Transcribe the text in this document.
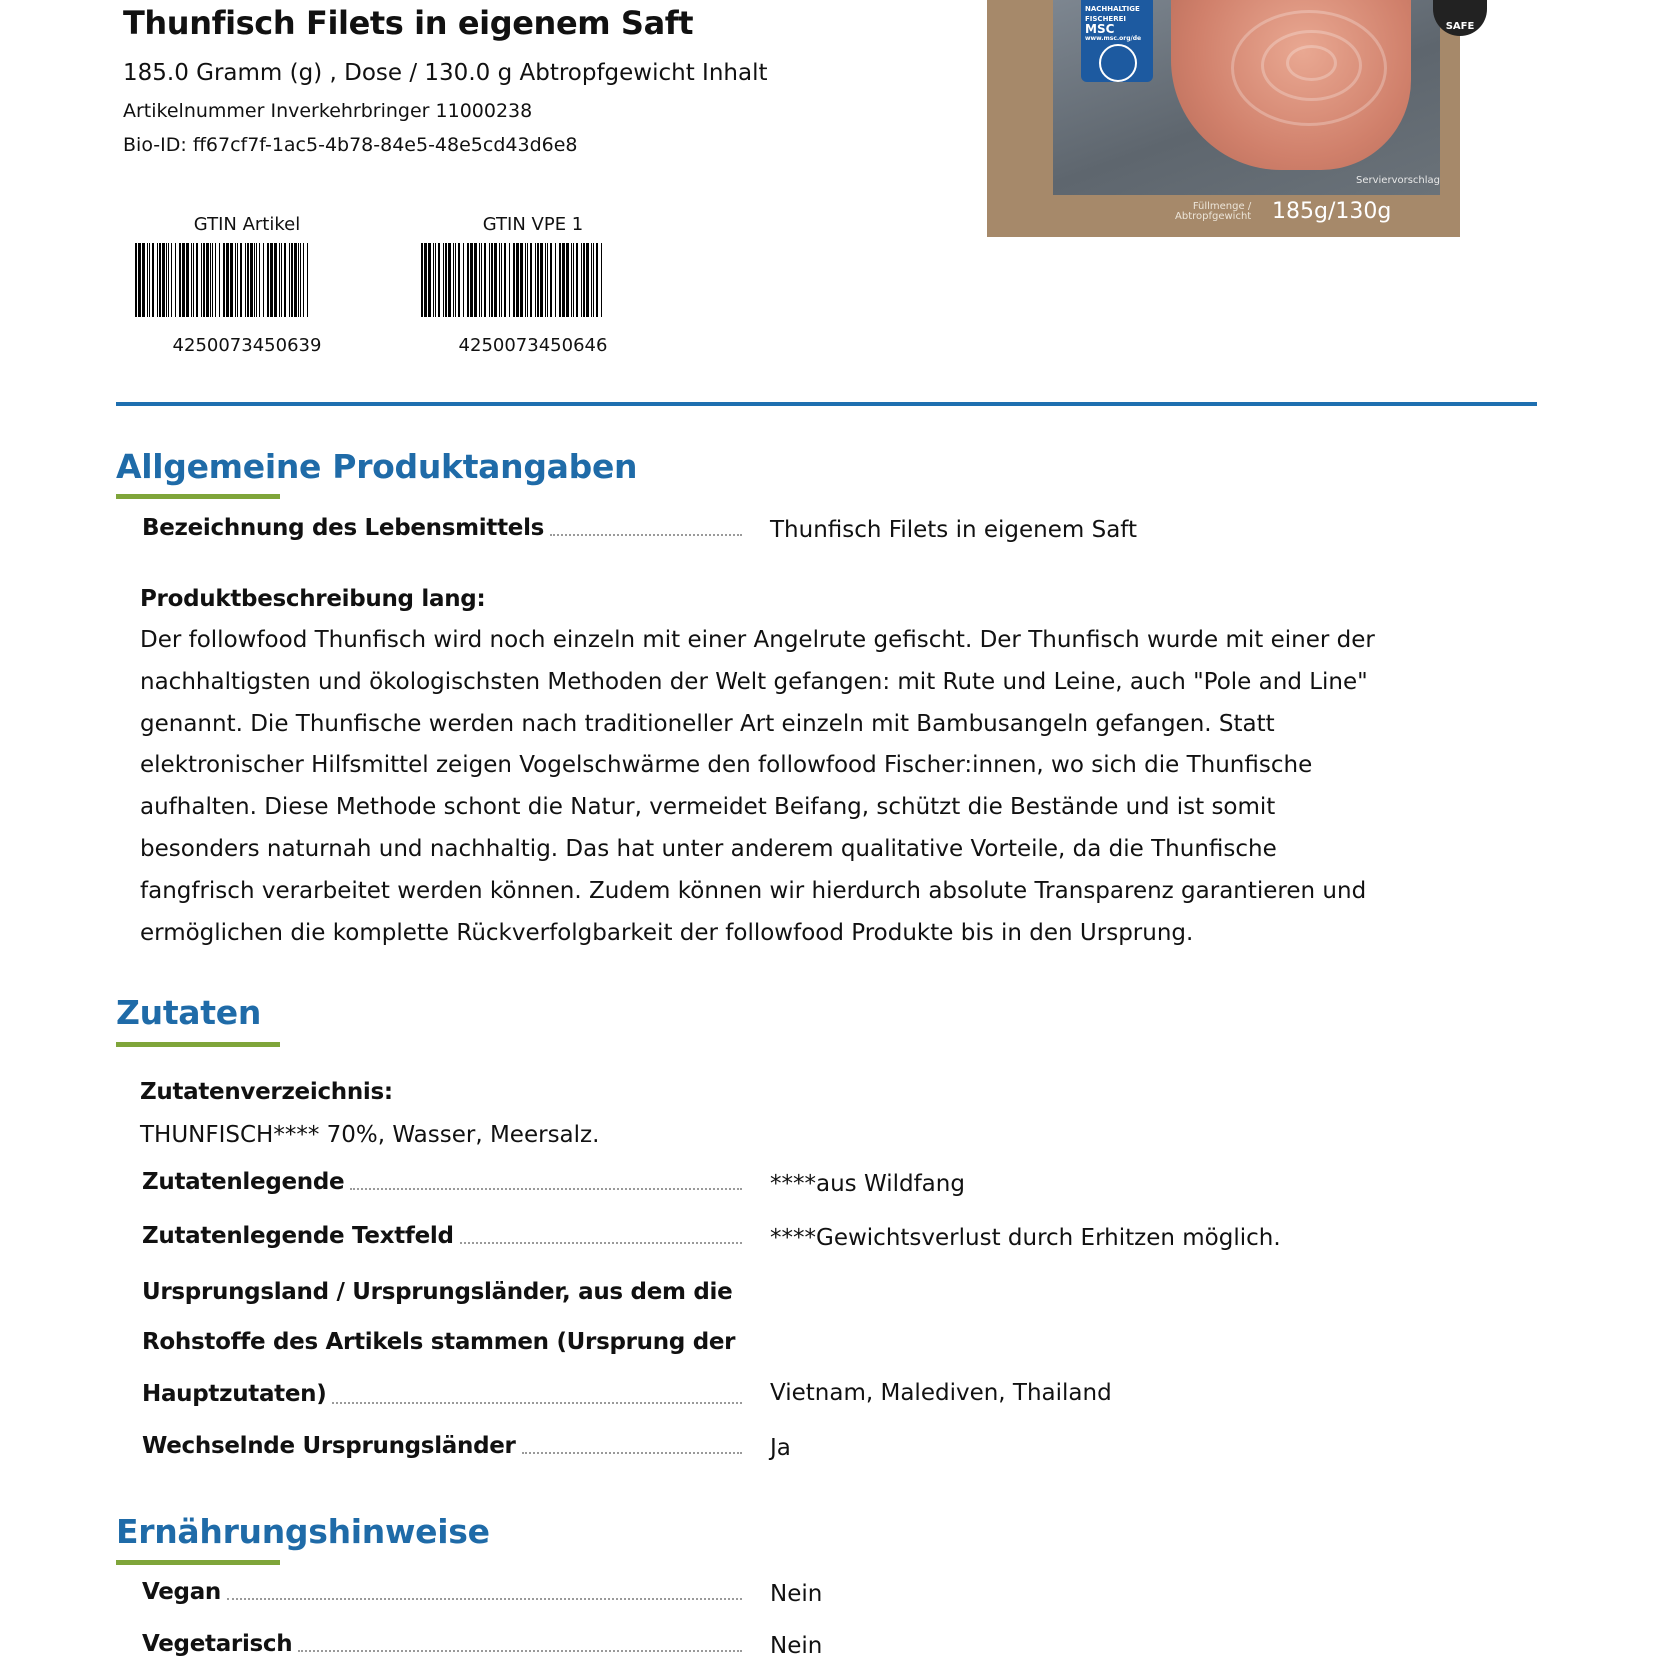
Thunfisch Filets in eigenem Saft
185.0 Gramm (g) , Dose / 130.0 g Abtropfgewicht Inhalt
Artikelnummer Inverkehrbringer 11000238
Bio-ID: ff67cf7f-1ac5-4b78-84e5-48e5cd43d6e8
GTIN Artikel
4250073450639
GTIN VPE 1
4250073450646
NACHHALTIGE
FISCHEREI
MSC
www.msc.org/de
SAFE
Serviervorschlag
Füllmenge /
Abtropfgewicht 185g/130g
Allgemeine Produktangaben
Bezeichnung des Lebensmittels	Thunfisch Filets in eigenem Saft
Produktbeschreibung lang:
Der followfood Thunfisch wird noch einzeln mit einer Angelrute gefischt. Der Thunfisch wurde mit einer der nachhaltigsten und ökologischsten Methoden der Welt gefangen: mit Rute und Leine, auch "Pole and Line" genannt. Die Thunfische werden nach traditioneller Art einzeln mit Bambusangeln gefangen. Statt elektronischer Hilfsmittel zeigen Vogelschwärme den followfood Fischer:innen, wo sich die Thunfische aufhalten. Diese Methode schont die Natur, vermeidet Beifang, schützt die Bestände und ist somit besonders naturnah und nachhaltig. Das hat unter anderem qualitative Vorteile, da die Thunfische fangfrisch verarbeitet werden können. Zudem können wir hierdurch absolute Transparenz garantieren und ermöglichen die komplette Rückverfolgbarkeit der followfood Produkte bis in den Ursprung.
Zutaten
Zutatenverzeichnis:
THUNFISCH**** 70%, Wasser, Meersalz.
Zutatenlegende	****aus Wildfang
Zutatenlegende Textfeld	****Gewichtsverlust durch Erhitzen möglich.
Ursprungsland / Ursprungsländer, aus dem die
Rohstoffe des Artikels stammen (Ursprung der
Hauptzutaten)	Vietnam, Malediven, Thailand
Wechselnde Ursprungsländer	Ja
Ernährungshinweise
Vegan	Nein
Vegetarisch	Nein
